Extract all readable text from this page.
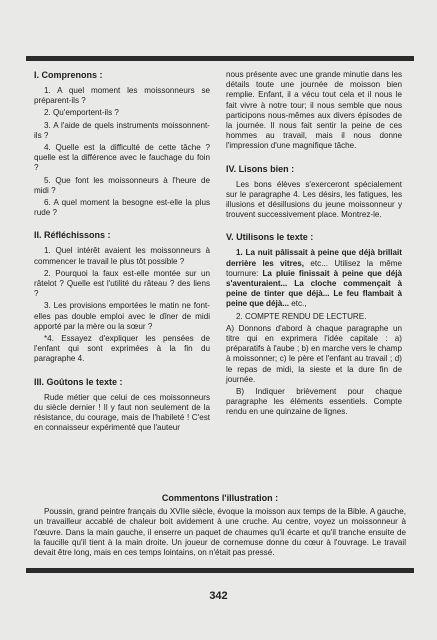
I. Comprenons :
1. A quel moment les moissonneurs se préparent-ils ?
2. Qu'emportent-ils ?
3. A l'aide de quels instruments moissonnent-ils ?
4. Quelle est la difficulté de cette tâche ? quelle est la différence avec le fauchage du foin ?
5. Que font les moissonneurs à l'heure de midi ?
6. A quel moment la besogne est-elle la plus rude ?
II. Réfléchissons :
1. Quel intérêt avaient les moissonneurs à commencer le travail le plus tôt possible ?
2. Pourquoi la faux est-elle montée sur un râtelot ? Quelle est l'utilité du râteau ? des liens ?
3. Les provisions emportées le matin ne font-elles pas double emploi avec le dîner de midi apporté par la mère ou la sœur ?
*4. Essayez d'expliquer les pensées de l'enfant qui sont exprimées à la fin du paragraphe 4.
III. Goûtons le texte :
Rude métier que celui de ces moissonneurs du siècle dernier ! Il y faut non seulement de la résistance, du courage, mais de l'habileté ! C'est en connaisseur expérimenté que l'auteur
nous présente avec une grande minutie dans les détails toute une journée de moisson bien remplie. Enfant, il a vécu tout cela et il nous le fait vivre à notre tour; il nous semble que nous participons nous-mêmes aux divers épisodes de la journée. Il nous fait sentir la peine de ces hommes au travail, mais il nous donne l'impression d'une magnifique tâche.
IV. Lisons bien :
Les bons élèves s'exerceront spécialement sur le paragraphe 4. Les désirs, les fatigues, les illusions et désillusions du jeune moissonneur y trouvent successivement place. Montrez-le.
V. Utilisons le texte :
1. La nuit pâlissait à peine que déjà brillait derrière les vitres, etc... Utilisez la même tournure: La pluie finissait à peine que déjà s'aventuraient... La cloche commençait à peine de tinter que déjà... Le feu flambait à peine que déjà... etc.,
2. COMPTE RENDU DE LECTURE.
A) Donnons d'abord à chaque paragraphe un titre qui en exprimera l'idée capitale : a) préparatifs à l'aube ; b) en marche vers le champ à moissonner; c) le père et l'enfant au travail ; d) le repas de midi, la sieste et la dure fin de journée.
B) Indiquer brièvement pour chaque paragraphe les éléments essentiels. Compte rendu en une quinzaine de lignes.
Commentons l'illustration :
Poussin, grand peintre français du XVIIe siècle, évoque la moisson aux temps de la Bible. A gauche, un travailleur accablé de chaleur boit avidement à une cruche. Au centre, voyez un moissonneur à l'œuvre. Dans la main gauche, il enserre un paquet de chaumes qu'il écarte et qu'il tranche ensuite de la faucille qu'il tient à la main droite. Un joueur de cornemuse donne du cœur à l'ouvrage. Le travail devait être long, mais en ces temps lointains, on n'était pas pressé.
342
